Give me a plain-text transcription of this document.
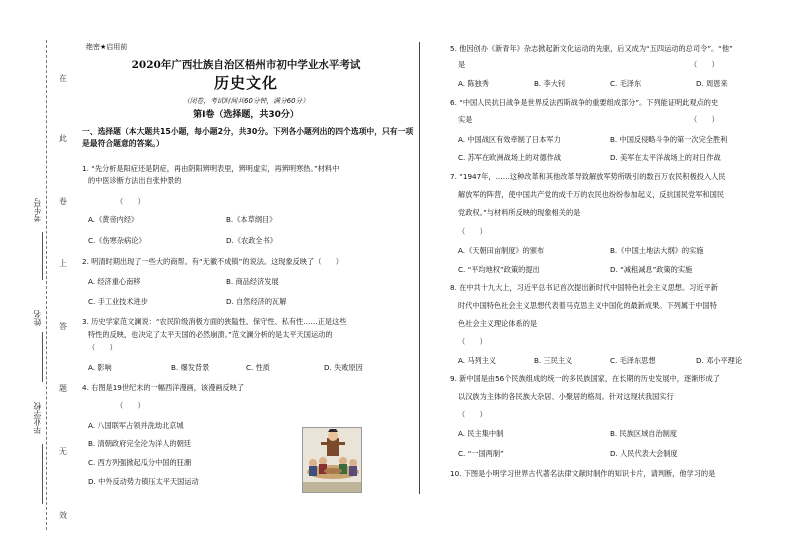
在
此
卷
上
答
题
无
效
考生号
姓名
毕业学校
绝密★启用前
2020年广西壮族自治区梧州市初中学业水平考试
历史文化
（闭卷，考试时间共60分钟，满分60分）
第Ⅰ卷（选择题，共30分）
一、选择题（本大题共15小题，每小题2分，共30分。下列各小题列出的四个选项中，只有一项是最符合题意的答案。）
1. “先分析是阳症还是阴症，再由阴阳辨明表里，辨明虚实，再辨明寒热。”材料中
的中医诊断方法出自张仲景的
（　　）
A.《黄帝内经》	B.《本草纲目》
C.《伤寒杂病论》	D.《农政全书》
2. 明清时期出现了一些大的商帮。有“无徽不成镇”的说法。这现象反映了（　　）
A. 经济重心南移	B. 商品经济发展
C. 手工业技术进步	D. 自然经济的瓦解
3. 历史学家范文澜说：“农民阶级消极方面的狭隘性、保守性、私有性……正是这些
特性的反映，也决定了太平天国的必然崩溃。”范文澜分析的是太平天国运动的
（　　）
A. 影响	B. 爆发背景	C. 性质	D. 失败原因
4. 右图是19世纪末的一幅西洋漫画，该漫画反映了
（　　）
A. 八国联军占领并洗劫北京城
B. 清朝政府完全沦为洋人的朝廷
C. 西方列强掀起瓜分中国的狂潮
D. 中外反动势力镇压太平天国运动
5. 他因创办《新青年》杂志掀起新文化运动的先驱，后又成为“五四运动的总司令”。“他”
是	（　　）
A. 陈独秀	B. 李大钊	C. 毛泽东	D. 周恩来
6. “中国人民抗日战争是世界反法西斯战争的重要组成部分”。下列能证明此观点的史
实是	（　　）
A. 中国战区有效牵制了日本军力	B. 中国反侵略斗争的第一次完全胜利
C. 苏军在欧洲战场上的对德作战	D. 美军在太平洋战场上的对日作战
7. “1947年，……这种改革和其他改革导致解放军势所吸引的数百万农民积极投入人民
解放军的阵营，使中国共产党的成千万的农民也纷纷参加起义，反抗国民党军和国民
党政权。”与材料所反映的现象相关的是
（　　）
A.《天朝田亩制度》的颁布	B.《中国土地法大纲》的实施
C. “平均地权”政策的提出	D. “减租减息”政策的实施
8. 在中共十九大上，习近平总书记首次提出新时代中国特色社会主义思想。习近平新
时代中国特色社会主义思想代表着马克思主义中国化的最新成果。下列属于中国特
色社会主义理论体系的是
（　　）
A. 马列主义	B. 三民主义	C. 毛泽东思想	D. 邓小平理论
9. 新中国是由56个民族组成的统一的多民族国家，在长期的历史发展中，逐渐形成了
以汉族为主体的各民族大杂居、小聚居的格局。针对这现状我国实行
（　　）
A. 民主集中制	B. 民族区域自治制度
C. “一国两制”	D. 人民代表大会制度
10. 下图是小明学习世界古代著名法律文献时制作的知识卡片，请判断，他学习的是
